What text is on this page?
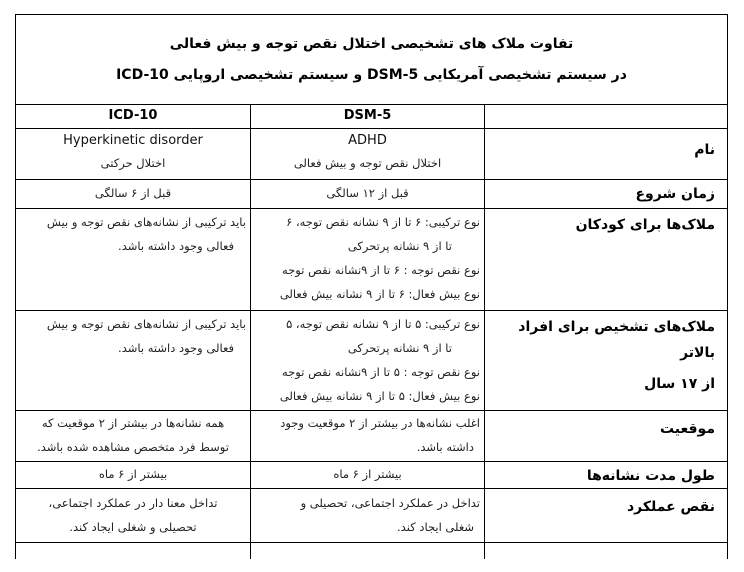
تفاوت ملاک های تشخیصی اختلال نقص توجه و بیش فعالی
در سیستم تشخیصی آمریکایی DSM-5 و سیستم تشخیصی اروپایی ICD-10
ICD-10	DSM-5
نام
ADHD
اختلال نقص توجه و بیش فعالی
Hyperkinetic disorder
اختلال حرکتی
زمان شروع
قبل از ۱۲ سالگی
قبل از ۶ سالگی
ملاک‌ها برای کودکان
نوع ترکیبی: ۶ تا از ۹ نشانه نقص توجه، ۶
تا از ۹ نشانه پرتحرکی
نوع نقص توجه : ۶ تا از ۹نشانه نقص توجه
نوع بیش فعال: ۶ تا از ۹ نشانه بیش فعالی
باید ترکیبی از نشانه‌های نقص توجه و بیش
فعالی وجود داشته باشد.
ملاک‌های تشخیص برای افراد بالاتر
از ۱۷ سال
نوع ترکیبی: ۵ تا از ۹ نشانه نقص توجه، ۵
تا از ۹ نشانه پرتحرکی
نوع نقص توجه : ۵ تا از ۹نشانه نقص توجه
نوع بیش فعال: ۵ تا از ۹ نشانه بیش فعالی
باید ترکیبی از نشانه‌های نقص توجه و بیش
فعالی وجود داشته باشد.
موقعیت
اغلب نشانه‌ها در بیشتر از ۲ موقعیت وجود
داشته باشد.
همه نشانه‌ها در بیشتر از ۲ موقعیت که
توسط فرد متخصص مشاهده شده باشد.
طول مدت نشانه‌ها
بیشتر از ۶ ماه
بیشتر از ۶ ماه
نقص عملکرد
تداخل در عملکرد اجتماعی، تحصیلی و
شغلی ایجاد کند.
تداخل معنا دار در عملکرد اجتماعی،
تحصیلی و شغلی ایجاد کند.
